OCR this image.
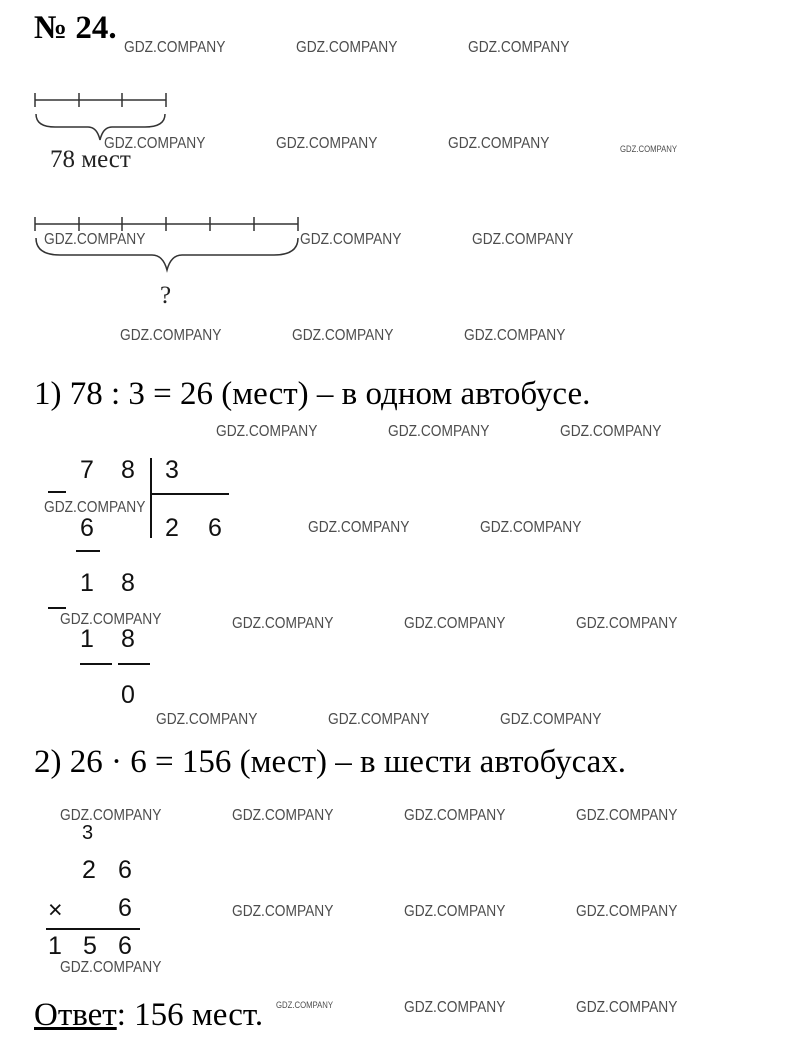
№ 24.
78 мест
?
1) 78 : 3 = 26 (мест) – в одном автобусе.
7 8 3
2 6
6
1 8
1 8
0
2) 26 · 6 = 156 (мест) – в шести автобусах.
3
2 6
× 6
1 5 6
Ответ: 156 мест.
GDZ.COMPANY	GDZ.COMPANY	GDZ.COMPANY
GDZ.COMPANY	GDZ.COMPANY	GDZ.COMPANY	GDZ.COMPANY
GDZ.COMPANY	GDZ.COMPANY	GDZ.COMPANY
GDZ.COMPANY	GDZ.COMPANY	GDZ.COMPANY
GDZ.COMPANY	GDZ.COMPANY	GDZ.COMPANY
GDZ.COMPANY
GDZ.COMPANY	GDZ.COMPANY
GDZ.COMPANY	GDZ.COMPANY	GDZ.COMPANY	GDZ.COMPANY
GDZ.COMPANY	GDZ.COMPANY	GDZ.COMPANY
GDZ.COMPANY	GDZ.COMPANY	GDZ.COMPANY	GDZ.COMPANY
GDZ.COMPANY	GDZ.COMPANY	GDZ.COMPANY
GDZ.COMPANY
GDZ.COMPANY	GDZ.COMPANY	GDZ.COMPANY
